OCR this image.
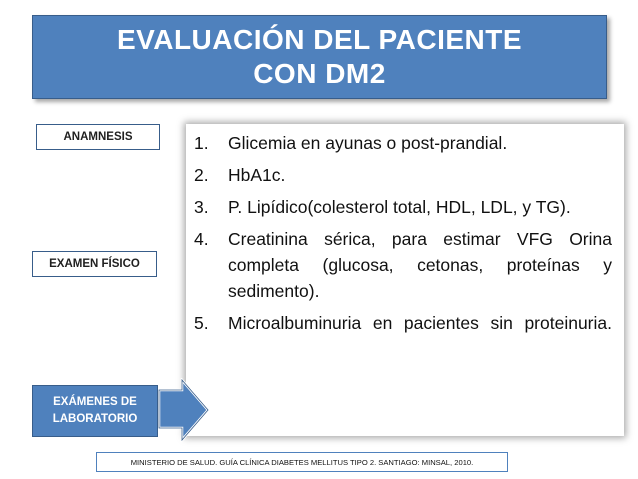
EVALUACIÓN DEL PACIENTE CON DM2
ANAMNESIS
EXAMEN FÍSICO
EXÁMENES DE
LABORATORIO
1. Glicemia en ayunas o post-prandial.
2. HbA1c.
3. P. Lipídico(colesterol total, HDL, LDL, y TG).
4. Creatinina sérica, para estimar VFG Orina completa (glucosa, cetonas, proteínas y sedimento).
5. Microalbuminuria en pacientes sin proteinuria.
MINISTERIO DE SALUD. GUÍA CLÍNICA DIABETES MELLITUS TIPO 2. SANTIAGO: MINSAL, 2010.
